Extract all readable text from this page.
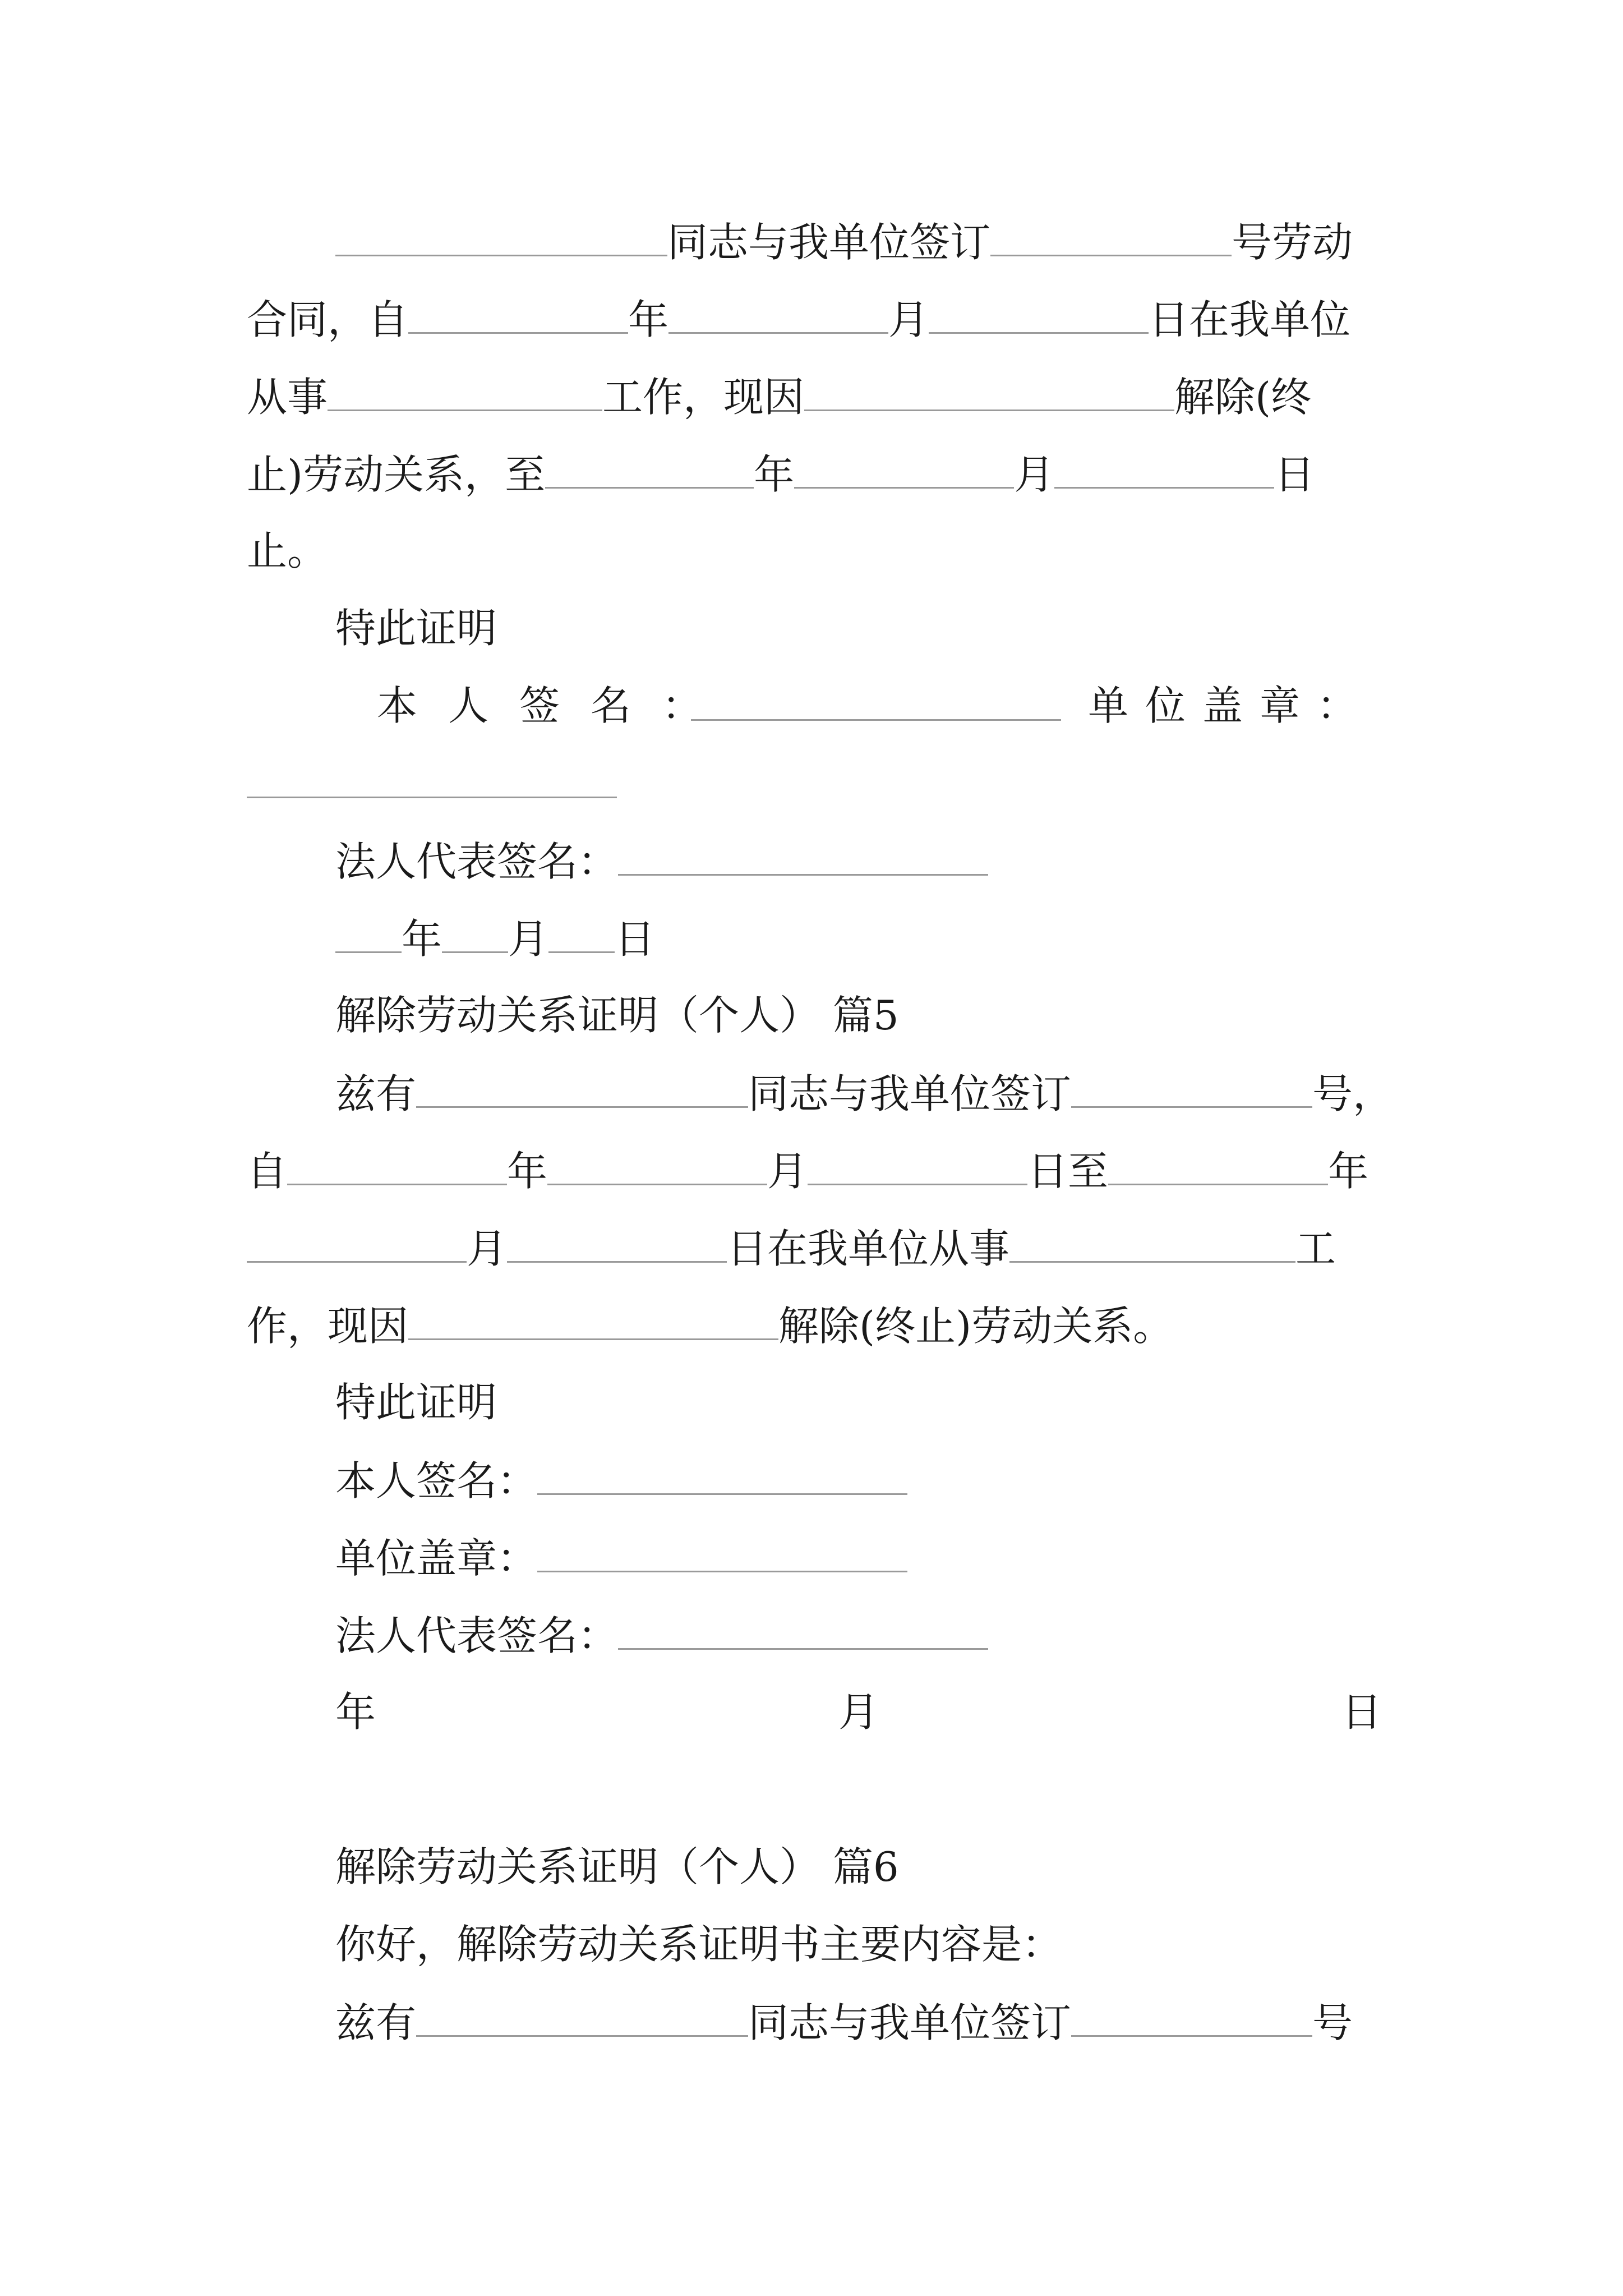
同志与我单位签订	号劳动
合同，自	年	月	日在我单位
从事	工作，现因	解除(终
止)劳动关系，至	年	月	日
止。
特此证明
本 人 签 名 ：	单 位 盖 章 ：
法人代表签名：
年 月 日
解除劳动关系证明（个人） 篇5
兹有	同志与我单位签订	号，
自	年	月	日至	年
月	日在我单位从事	工
作，现因	解除(终止)劳动关系。
特此证明
本人签名：
单位盖章：
法人代表签名：
年	月	日
解除劳动关系证明（个人） 篇6
你好，解除劳动关系证明书主要内容是：
兹有	同志与我单位签订	号
